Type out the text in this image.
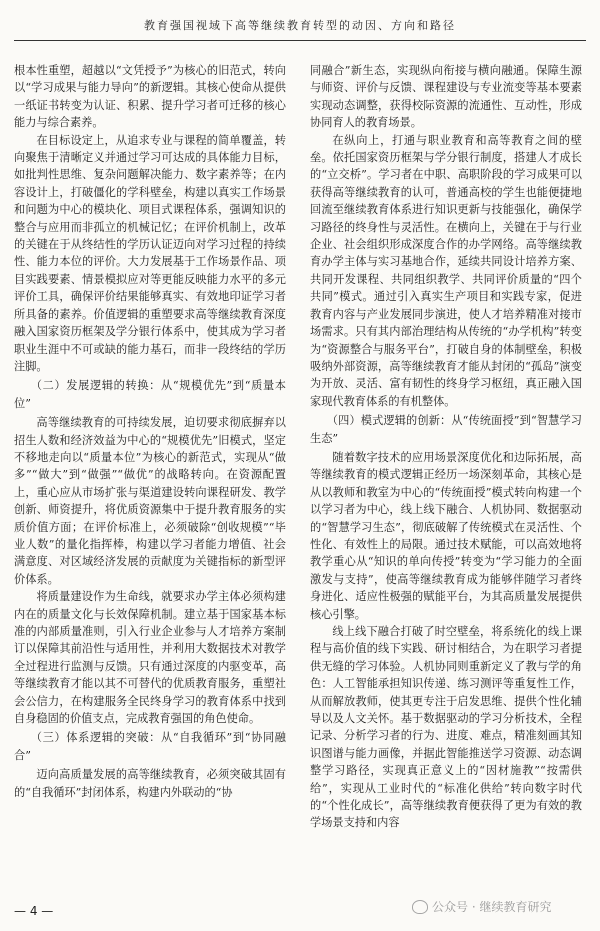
教育强国视域下高等继续教育转型的动因、方向和路径

根本性重塑，超越以“文凭授予”为核心的旧范式，转向以“学习成果与能力导向”的新逻辑。其核心使命从提供一纸证书转变为认证、积累、提升学习者可迁移的核心能力与综合素养。

在目标设定上，从追求专业与课程的简单覆盖，转向聚焦于清晰定义并通过学习可达成的具体能力目标，如批判性思维、复杂问题解决能力、数字素养等；在内容设计上，打破僵化的学科壁垒，构建以真实工作场景和问题为中心的模块化、项目式课程体系，强调知识的整合与应用而非孤立的机械记忆；在评价机制上，改革的关键在于从终结性的学历认证迈向对学习过程的持续性、能力本位的评价。大力发展基于工作场景作品、项目实践要素、情景模拟应对等更能反映能力水平的多元评价工具，确保评价结果能够真实、有效地印证学习者所具备的素养。价值逻辑的重塑要求高等继续教育深度融入国家资历框架及学分银行体系中，使其成为学习者职业生涯中不可或缺的能力基石，而非一段终结的学历注脚。

（二）发展逻辑的转换：从“规模优先”到“质量本位”

高等继续教育的可持续发展，迫切要求彻底摒弃以招生人数和经济效益为中心的“规模优先”旧模式，坚定不移地走向以“质量本位”为核心的新范式，实现从“做多”“做大”到“做强”“做优”的战略转向。在资源配置上，重心应从市场扩张与渠道建设转向课程研发、教学创新、师资提升，将优质资源集中于提升教育服务的实质价值方面；在评价标准上，必须破除“创收规模”“毕业人数”的量化指挥棒，构建以学习者能力增值、社会满意度、对区域经济发展的贡献度为关键指标的新型评价体系。

将质量建设作为生命线，就要求办学主体必须构建内在的质量文化与长效保障机制。建立基于国家基本标准的内部质量准则，引入行业企业参与人才培养方案制订以保障其前沿性与适用性，并利用大数据技术对教学全过程进行监测与反馈。只有通过深度的内驱变革，高等继续教育才能以其不可替代的优质教育服务，重塑社会公信力，在构建服务全民终身学习的教育体系中找到自身稳固的价值支点，完成教育强国的角色使命。

（三）体系逻辑的突破：从“自我循环”到“协同融合”

迈向高质量发展的高等继续教育，必须突破其固有的“自我循环”封闭体系，构建内外联动的“协

同融合”新生态，实现纵向衔接与横向融通。保障生源与师资、评价与反馈、课程建设与专业流变等基本要素实现动态调整，获得校际资源的流通性、互动性，形成协同育人的教育场景。

在纵向上，打通与职业教育和高等教育之间的壁垒。依托国家资历框架与学分银行制度，搭建人才成长的“立交桥”。学习者在中职、高职阶段的学习成果可以获得高等继续教育的认可，普通高校的学生也能便捷地回流至继续教育体系进行知识更新与技能强化，确保学习路径的终身性与灵活性。在横向上，关键在于与行业企业、社会组织形成深度合作的办学网络。高等继续教育办学主体与实习基地合作，延续共同设计培养方案、共同开发课程、共同组织教学、共同评价质量的“四个共同”模式。通过引入真实生产项目和实践专家，促进教育内容与产业发展同步演进，使人才培养精准对接市场需求。只有其内部治理结构从传统的“办学机构”转变为“资源整合与服务平台”，打破自身的体制壁垒，积极吸纳外部资源，高等继续教育才能从封闭的“孤岛”演变为开放、灵活、富有韧性的终身学习枢纽，真正融入国家现代教育体系的有机整体。

（四）模式逻辑的创新：从“传统面授”到“智慧学习生态”

随着数字技术的应用场景深度优化和边际拓展，高等继续教育的模式逻辑正经历一场深刻革命，其核心是从以教师和教室为中心的“传统面授”模式转向构建一个以学习者为中心，线上线下融合、人机协同、数据驱动的“智慧学习生态”，彻底破解了传统模式在灵活性、个性化、有效性上的局限。通过技术赋能，可以高效地将教学重心从“知识的单向传授”转变为“学习能力的全面激发与支持”，使高等继续教育成为能够伴随学习者终身进化、适应性极强的赋能平台，为其高质量发展提供核心引擎。

线上线下融合打破了时空壁垒，将系统化的线上课程与高价值的线下实践、研讨相结合，为在职学习者提供无缝的学习体验。人机协同则重新定义了教与学的角色：人工智能承担知识传递、练习测评等重复性工作，从而解放教师，使其更专注于启发思维、提供个性化辅导以及人文关怀。基于数据驱动的学习分析技术，全程记录、分析学习者的行为、进度、难点，精准刻画其知识图谱与能力画像，并据此智能推送学习资源、动态调整学习路径，实现真正意义上的“因材施教”“按需供给”，实现从工业时代的“标准化供给”转向数字时代的“个性化成长”，高等继续教育便获得了更为有效的教学场景支持和内容

— 4 —	公众号 · 继续教育研究
